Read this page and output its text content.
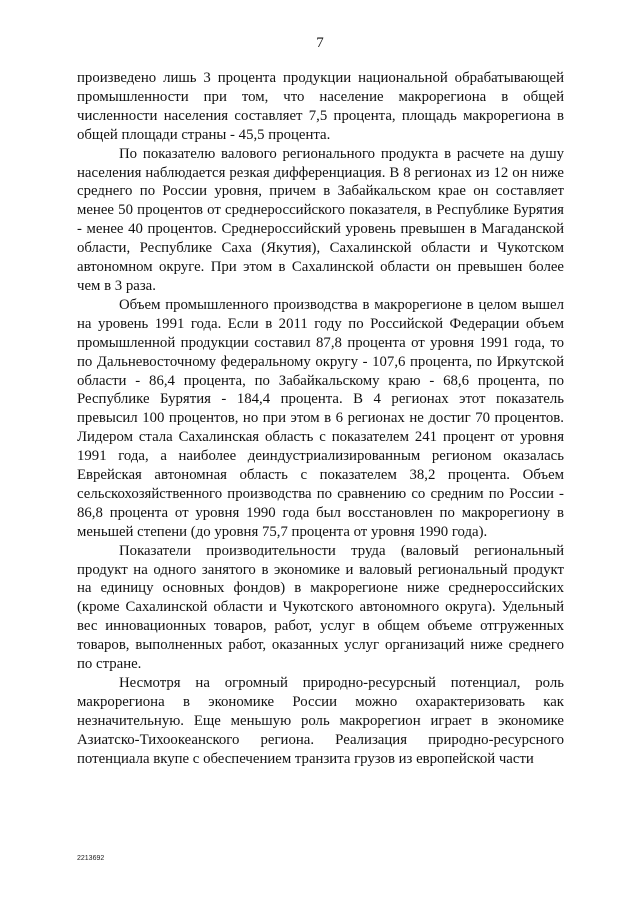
7

произведено лишь 3 процента продукции национальной обрабатывающей промышленности при том, что население макрорегиона в общей численности населения составляет 7,5 процента, площадь макрорегиона в общей площади страны - 45,5 процента.

По показателю валового регионального продукта в расчете на душу населения наблюдается резкая дифференциация. В 8 регионах из 12 он ниже среднего по России уровня, причем в Забайкальском крае он составляет менее 50 процентов от среднероссийского показателя, в Республике Бурятия - менее 40 процентов. Среднероссийский уровень превышен в Магаданской области, Республике Саха (Якутия), Сахалинской области и Чукотском автономном округе. При этом в Сахалинской области он превышен более чем в 3 раза.

Объем промышленного производства в макрорегионе в целом вышел на уровень 1991 года. Если в 2011 году по Российской Федерации объем промышленной продукции составил 87,8 процента от уровня 1991 года, то по Дальневосточному федеральному округу - 107,6 процента, по Иркутской области - 86,4 процента, по Забайкальскому краю - 68,6 процента, по Республике Бурятия - 184,4 процента. В 4 регионах этот показатель превысил 100 процентов, но при этом в 6 регионах не достиг 70 процентов. Лидером стала Сахалинская область с показателем 241 процент от уровня 1991 года, а наиболее деиндустриализированным регионом оказалась Еврейская автономная область с показателем 38,2 процента. Объем сельскохозяйственного производства по сравнению со средним по России - 86,8 процента от уровня 1990 года был восстановлен по макрорегиону в меньшей степени (до уровня 75,7 процента от уровня 1990 года).

Показатели производительности труда (валовый региональный продукт на одного занятого в экономике и валовый региональный продукт на единицу основных фондов) в макрорегионе ниже среднероссийских (кроме Сахалинской области и Чукотского автономного округа). Удельный вес инновационных товаров, работ, услуг в общем объеме отгруженных товаров, выполненных работ, оказанных услуг организаций ниже среднего по стране.

Несмотря на огромный природно-ресурсный потенциал, роль макрорегиона в экономике России можно охарактеризовать как незначительную. Еще меньшую роль макрорегион играет в экономике Азиатско-Тихоокеанского региона. Реализация природно-ресурсного потенциала вкупе с обеспечением транзита грузов из европейской части

2213692
